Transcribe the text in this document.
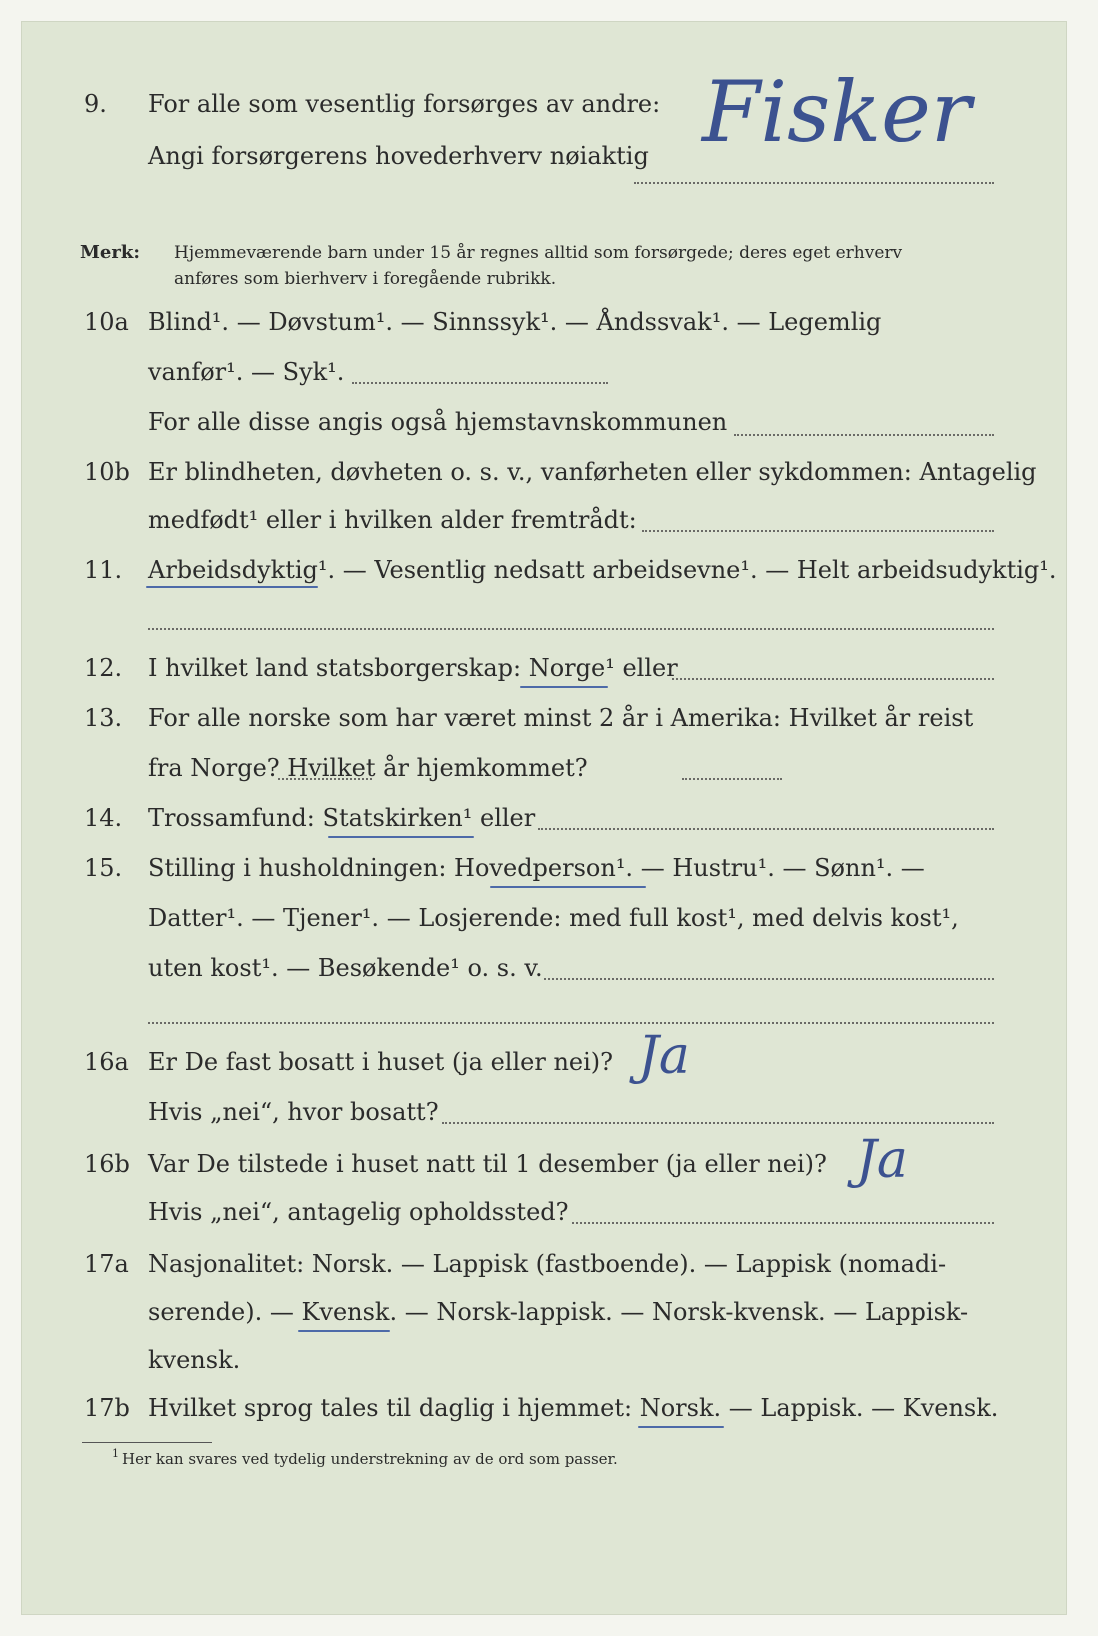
9. For alle som vesentlig forsørges av andre:
Angi forsørgerens hovederhverv nøiaktig Fisker
Merk: Hjemmeværende barn under 15 år regnes alltid som forsørgede; deres eget erhverv
anføres som bierhverv i foregående rubrikk.
10a Blind¹. — Døvstum¹. — Sinnssyk¹. — Åndssvak¹. — Legemlig
vanfør¹. — Syk¹.
For alle disse angis også hjemstavnskommunen
10b Er blindheten, døvheten o. s. v., vanførheten eller sykdommen: Antagelig
medfødt¹ eller i hvilken alder fremtrådt:
11. Arbeidsdyktig¹. — Vesentlig nedsatt arbeidsevne¹. — Helt arbeidsudyktig¹.
12. I hvilket land statsborgerskap: Norge¹ eller
13. For alle norske som har været minst 2 år i Amerika: Hvilket år reist
fra Norge? Hvilket år hjemkommet?
14. Trossamfund: Statskirken¹ eller
15. Stilling i husholdningen: Hovedperson¹. — Hustru¹. — Sønn¹. —
Datter¹. — Tjener¹. — Losjerende: med full kost¹, med delvis kost¹,
uten kost¹. — Besøkende¹ o. s. v.
16a Er De fast bosatt i huset (ja eller nei)? Ja
Hvis „nei“, hvor bosatt?
16b Var De tilstede i huset natt til 1 desember (ja eller nei)? Ja
Hvis „nei“, antagelig opholdssted?
17a Nasjonalitet: Norsk. — Lappisk (fastboende). — Lappisk (nomadi-
serende). — Kvensk. — Norsk-lappisk. — Norsk-kvensk. — Lappisk-
kvensk.
17b Hvilket sprog tales til daglig i hjemmet: Norsk. — Lappisk. — Kvensk.
1 Her kan svares ved tydelig understrekning av de ord som passer.
